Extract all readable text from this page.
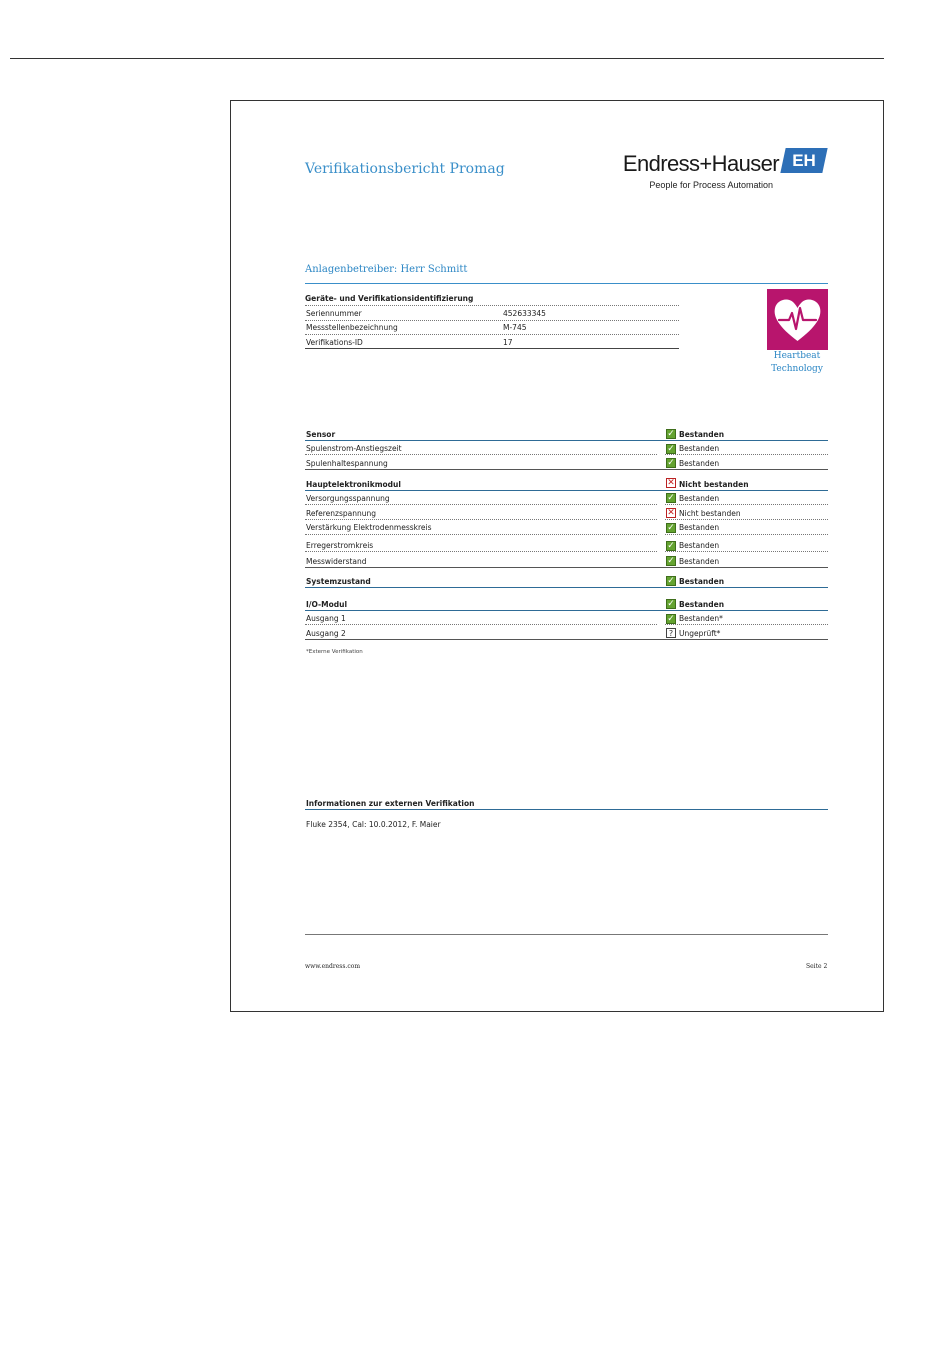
Verifikationsbericht Promag	Endress+Hauser EH
People for Process Automation
Anlagenbetreiber: Herr Schmitt
Geräte- und Verifikationsidentifizierung
Seriennummer	452633345
Messstellenbezeichnung	M-745
Verifikations-ID	17
Heartbeat
Technology
Sensor	✓ Bestanden
Spulenstrom-Anstiegszeit	✓ Bestanden
Spulenhaltespannung	✓ Bestanden
Hauptelektronikmodul	✕ Nicht bestanden
Versorgungsspannung	✓ Bestanden
Referenzspannung	✕ Nicht bestanden
Verstärkung Elektrodenmesskreis	✓ Bestanden
Erregerstromkreis	✓ Bestanden
Messwiderstand	✓ Bestanden
Systemzustand	✓ Bestanden
I/O-Modul	✓ Bestanden
Ausgang 1	✓ Bestanden*
Ausgang 2	? Ungeprüft*
*Externe Verifikation
Informationen zur externen Verifikation
Fluke 2354, Cal: 10.0.2012, F. Maier
www.endress.com	Seite 2
